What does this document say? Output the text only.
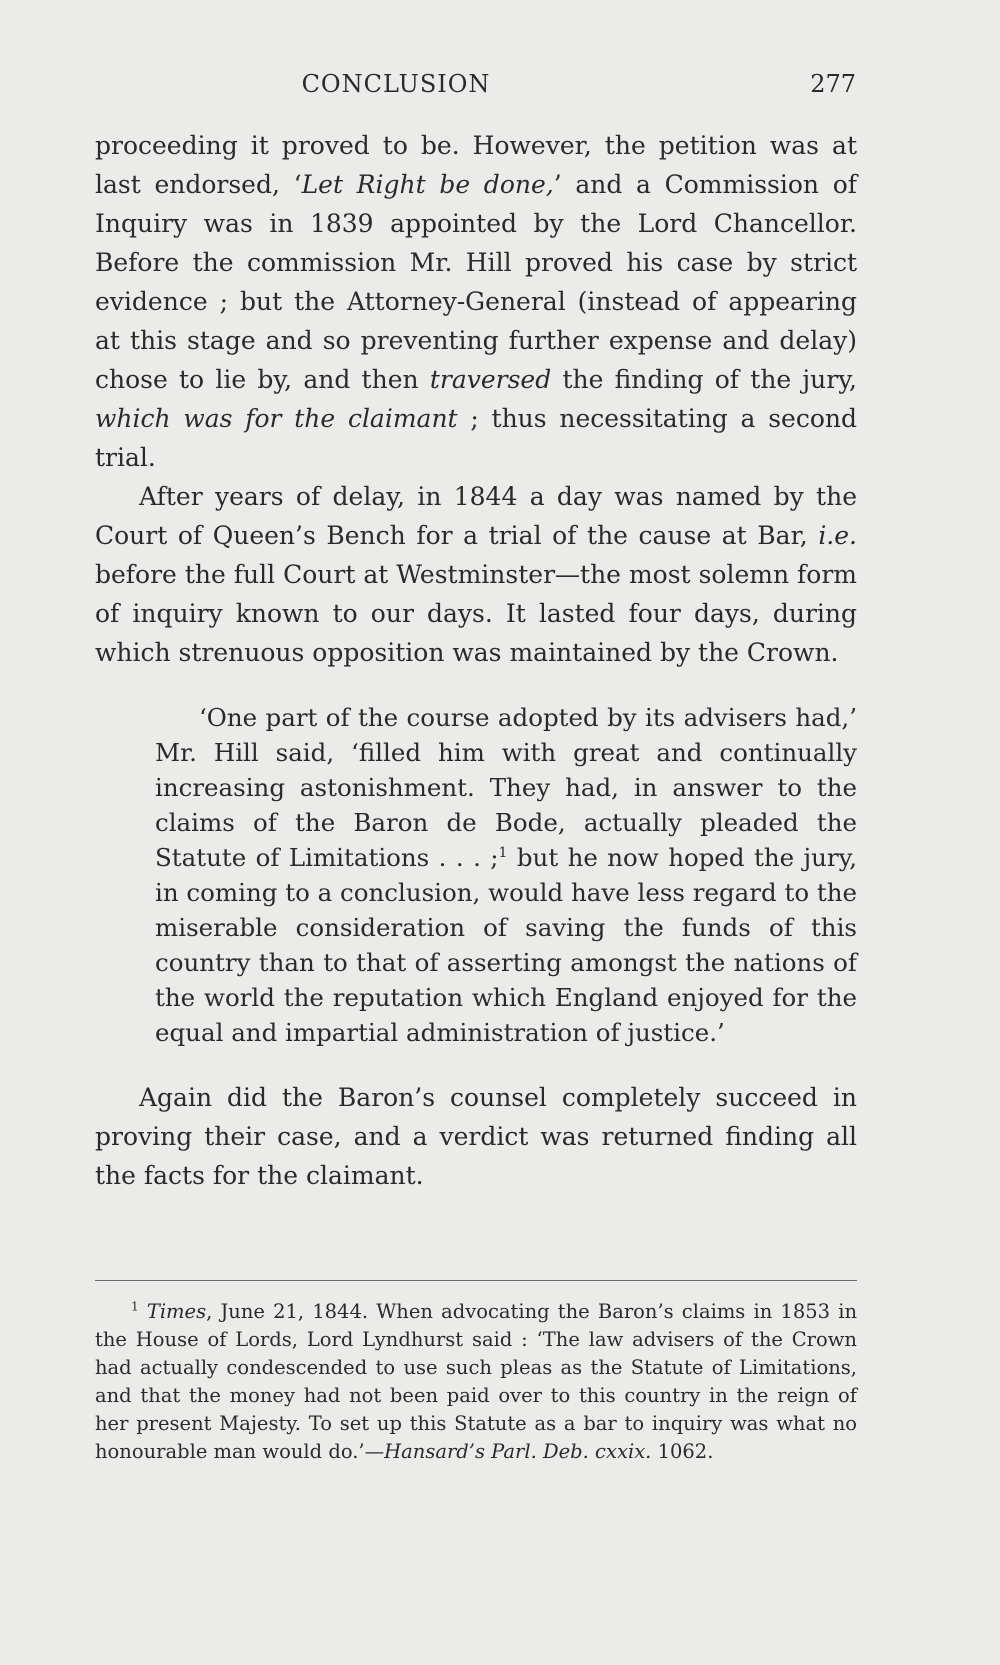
CONCLUSION	277

proceeding it proved to be. However, the petition was at last endorsed, ‘Let Right be done,’ and a Commission of Inquiry was in 1839 appointed by the Lord Chancellor. Before the commission Mr. Hill proved his case by strict evidence ; but the Attorney-General (instead of appearing at this stage and so preventing further expense and delay) chose to lie by, and then traversed the finding of the jury, which was for the claimant ; thus necessitating a second trial.

After years of delay, in 1844 a day was named by the Court of Queen’s Bench for a trial of the cause at Bar, i.e. before the full Court at Westminster—the most solemn form of inquiry known to our days. It lasted four days, during which strenuous opposition was maintained by the Crown.

‘One part of the course adopted by its advisers had,’ Mr. Hill said, ‘filled him with great and continually increasing astonishment. They had, in answer to the claims of the Baron de Bode, actually pleaded the Statute of Limitations . . . ;$^1$ but he now hoped the jury, in coming to a conclusion, would have less regard to the miserable consideration of saving the funds of this country than to that of asserting amongst the nations of the world the reputation which England enjoyed for the equal and impartial administration of justice.’

Again did the Baron’s counsel completely succeed in proving their case, and a verdict was returned finding all the facts for the claimant.

$^1$ Times, June 21, 1844. When advocating the Baron’s claims in 1853 in the House of Lords, Lord Lyndhurst said : ‘The law advisers of the Crown had actually condescended to use such pleas as the Statute of Limitations, and that the money had not been paid over to this country in the reign of her present Majesty. To set up this Statute as a bar to inquiry was what no honourable man would do.’—Hansard’s Parl. Deb. cxxix. 1062.
